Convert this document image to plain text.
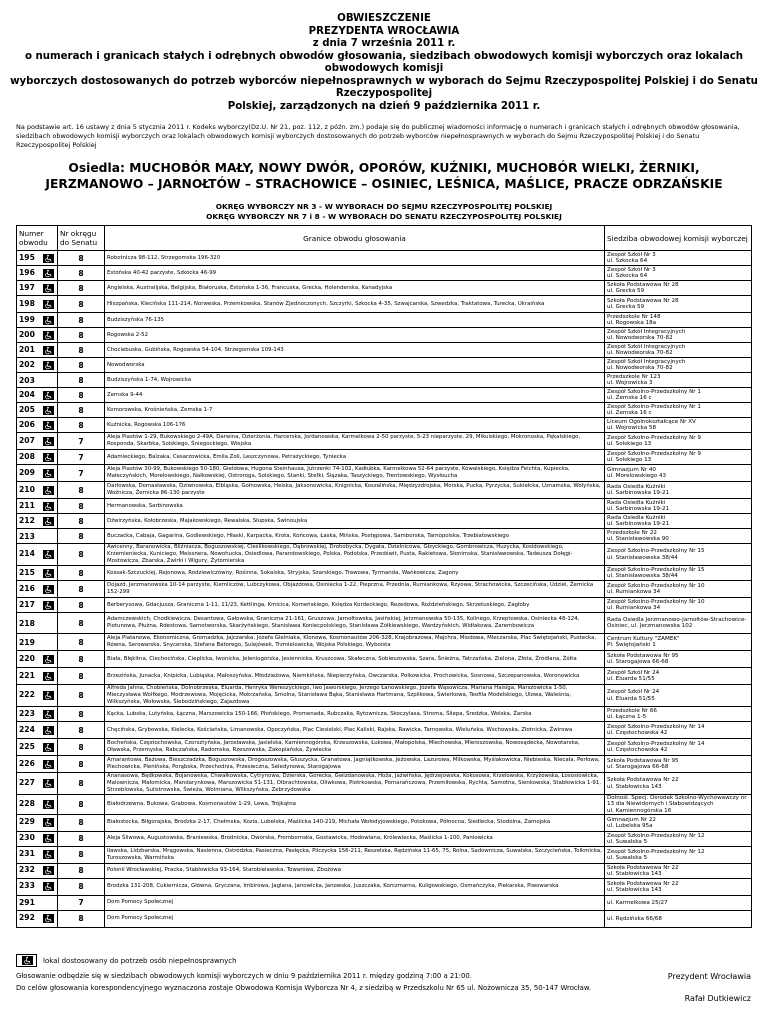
OBWIESZCZENIE
PREZYDENTA WROCŁAWIA
z dnia 7 września 2011 r.
o numerach i granicach stałych i odrębnych obwodów głosowania, siedzibach obwodowych komisji wyborczych oraz lokalach obwodowych komisji
wyborczych dostosowanych do potrzeb wyborców niepełnosprawnych w wyborach do Sejmu Rzeczypospolitej Polskiej i do Senatu Rzeczypospolitej
Polskiej, zarządzonych na dzień 9 października 2011 r.
Na podstawie art. 16 ustawy z dnia 5 stycznia 2011 r. Kodeks wyborczy(Dz.U. Nr 21, poz. 112, z późn. zm.) podaje się do publicznej wiadomości informację o numerach i granicach stałych i odrębnych obwodów głosowania, siedzibach obwodowych komisji wyborczych oraz lokalach obwodowych komisji wyborczych dostosowanych do potrzeb wyborców niepełnosprawnych w wyborach do Sejmu Rzeczypospolitej Polskiej i do Senatu Rzeczypospolitej Polskiej
Osiedla: MUCHOBÓR MAŁY, NOWY DWÓR, OPORÓW, KUŹNIKI, MUCHOBÓR WIELKI, ŻERNIKI,
JERZMANOWO – JARNOŁTÓW – STRACHOWICE – OSINIEC, LEŚNICA, MAŚLICE, PRACZE ODRZAŃSKIE
OKRĘG WYBORCZY NR 3 - W WYBORACH DO SEJMU RZECZYPOSPOLITEJ POLSKIEJ
OKRĘG WYBORCZY NR 7 i 8 - W WYBORACH DO SENATU RZECZYPOSPOLITEJ POLSKIEJ
Numer obwodu	Nr okręgu do Senatu	Granice obwodu głosowania	Siedziba obwodowej komisji wyborczej
195	8	Robotnicza 98-112, Strzegomska 196-320	Zespół Szkół Nr 3
ul. Szkocka 64

196	8	Estońska 40-42 parzyste, Szkocka 46-99	Zespół Szkół Nr 3
ul. Szkocka 64

197	8	Angielska, Australijska, Belgijska, Białoruska, Estońska 1-36, Francuska, Grecka, Holenderska, Kanadyjska	Szkoła Podstawowa Nr 28
ul. Grecka 59

198	8	Hiszpańska, Klecińska 111-214, Norweska, Przemkowska, Stanów Zjednoczonych, Szczyrki, Szkocka 4-35, Szwajcarska, Szwedzka, Traktatowa, Turecka, Ukraińska	Szkoła Podstawowa Nr 28
ul. Grecka 59

199	8	Budziszyńska 76-135	Przedszkole Nr 148
ul. Rogowska 18a

200	8	Rogowska 2-52	Zespół Szkół Integracyjnych
ul. Nowodworska 70-82

201	8	Chociebuska, Gubińska, Rogowska 54-104, Strzegomska 109-143	Zespół Szkół Integracyjnych
ul. Nowodworska 70-82

202	8	Nowodworska	Zespół Szkół Integracyjnych
ul. Nowodworska 70-82

203	8	Budziszyńska 1-74, Wojrowicka	Przedszkole Nr 123
ul. Wojrowicka 3

204	8	Zemska 9-44	Zespół Szkolno-Przedszkolny Nr 1
ul. Zemska 16 c

205	8	Komorowska, Krośnieńska, Zemska 1-7	Zespół Szkolno-Przedszkolny Nr 1
ul. Zemska 16 c

206	8	Kuźnicka, Rogowska 106-176	Liceum Ogólnokształcące Nr XV
ul. Wojrowicka 58

207	7	Aleja Piastów 1-29, Bukowskiego 2-49A, Darwina, Dzierżonia, Harcerska, Jordanowska, Karmelkowa 2-50 parzyste, 5-23 nieparzyste, 29, Mikulskiego, Mokronoska, Pękalskiego, Rosponda, Skarbka, Solskiego, Śniegockiego, Wiejska	Zespół Szkolno-Przedszkolny Nr 9
ul. Solskiego 13

208	7	Adamieckiego, Balzaka, Cesarzowicka, Emila Zoli, Leszczynowa, Petrażyckiego, Tyniecka	Zespół Szkolno-Przedszkolny Nr 9
ul. Solskiego 13

209	7	Aleja Piastów 30-99, Bukowskiego 50-180, Gieldowa, Hugona Steinhausa, Jutrzenki 74-102, Kadłubka, Karmelkowa 52-64 parzyste, Kowalskiego, Księdza Feichta, Kupiecka, Małeczyńskich, Morelowskiego, Nałkowskiej, Ostroroga, Solskiego, Stanki, Stefki, Ślązaka, Taszyckiego, Trentowskiego, Wysłoucha	Gimnazjum Nr 40
ul. Morelowskiego 43

210	8	Darłowska, Domasławska, Dziwnowska, Elbląska, Gołnowska, Helska, Jaksonowicka, Knignicka, Koszalińska, Międzyzdrojska, Morska, Pucka, Pyrzycka, Sukiełcka, Uznamska, Wolyńska, Woźnicza, Żernicka 86-130 parzyste	Rada Osiedla Kuźniki
ul. Sarbinowska 19-21

211	8	Hermanowska, Sarbinowska	Rada Osiedla Kuźniki
ul. Sarbinowska 19-21

212	8	Dźwirzyńska, Kołobrzeska, Majakowskiego, Rewalska, Słupska, Świnoujska	Rada Osiedla Kuźniki
ul. Sarbinowska 19-21

213	8	Buczacka, Cabaja, Gagarina, Godlewskiego, Hłaski, Karpacka, Krota, Końcowa, Łaska, Mińska, Postępowa, Samborska, Tarnopolska, Trzebiatowskiego	Przedszkole Nr 22
ul. Stanisławowska 90

214	8	Awicenny, Baranowicka, Bliźniacza, Boguszowskiej, Cieślikowskiego, Dąbrowskiej, Drohobycka, Dygata, Dzielnicowa, Głzyckiego, Gombrowicza, Huzycka, Kosidowskiego, Krzemieniecka, Kuniciego, Meissnera, Nowohucka, Osiedlowa, Parandowskiego, Polska, Podolska, Przedświt, Pusta, Rakietowa, Słonimska, Stanisławowska, Tadeusza Dołęgi-Mostowicza, Zbarska, Żwirki i Wigury, Żytomierska	Zespół Szkolno-Przedszkolny Nr 15
ul. Stanisławowska 38/44

215	8	Kossak-Szczuckiej, Rejonowa, Rodziewiczówny, Rośinna, Sokalska, Stryjska, Szarskiego, Trawowa, Tyrmanda, Wańkowicza, Zagony	Zespół Szkolno-Przedszkolny Nr 15
ul. Stanisławowska 38/44

216	8	Dojazd, Jerzmanowska 10-14 parzyste, Kiemliczów, Lubczykowa, Objazdowa, Osiniecka 1-22, Pieprzna, Przednia, Rumiankowa, Rzyowa, Strachowicka, Szczecińska, Udziel, Żernicka 152-299	Zespół Szkolno-Przedszkolny Nr 10
ul. Rumiankowa 34

217	8	Berberysowa, Gdacjusza, Graniczna 1-11, 11/23, Kettlinga, Kmicica, Komeńskiego, Księdza Kordeckiego, Rezedowa, Roździeńskiego, Skrzetuskiego, Zagłoby	Zespół Szkolno-Przedszkolny Nr 10
ul. Rumiankowa 34

218	8	Adamczewskich, Chodkiewicza, Desantowa, Gałowska, Graniczna 21-161, Gruszowa, Jarnołtowska, Jasińskiej, Jerzmanowska 50-135, Kolinego, Krzeptowska, Osiniecka 48-124, Piotunowa, Płużna, Rdestowa, Samotworska, Skarżyńskiego, Stanisława Koniecpolskiego, Stanisława Żółkiewskiego, Wardzyńskich, Widłakowa, Zarembowicza	Rada Osiedla Jerzmanowo-Jarnołtów-Strachowice-Osiniec, ul. Jerzmanowska 102

219	8	Aleja Platanowa, Ekonomiczna, Gromadzka, Jajczarska, Józefa Gielniaka, Klonowa, Kosmonautów 206-328, Krajobrazowa, Majchra, Miodowa, Mleczarska, Plac Świętojański, Pustecka, Równa, Serowarska, Snycerska, Stefana Batorego, Sulejówek, Trzmielowicka, Wojska Polskiego, Wyboista	Centrum Kultury "ZAMEK"
Pl. Świętojański 1

220	8	Biała, Błękitna, Ciechocińska, Cieplicka, Iwonicka, Jeleniogórska, Jesiennicka, Kruszcowa, Skałeczna, Sobieszowska, Szara, Śnieżna, Tatrzańska, Zielona, Złota, Źródlana, Żółta	Szkoła Podstawowa Nr 95
ul. Starogajowa 66-68

221	8	Brzezińska, Junacka, Knipicka, Lubiąska, Małoszyńska, Młodzieżowa, Niemkińska, Niepierzyńska, Owczarska, Polkowicka, Prochowicka, Sosnowa, Szczepanowska, Woronowicka	Zespół Szkół Nr 24
ul. Eluarda 51/55

222	8	Alfreda Jahna, Chobieńska, Dolnobrzeska, Eluarda, Henryka Wereszyckiego, Iwo Jaworskiego, Jerzego Łanowskiego, Józefa Wąsowicza, Mariana Haisiga, Marszowicka 1-50, Mieczysława Wolfkego, Modrzewowa, Mojęcicka, Mokrzańska, Smolna, Stanisława Bąka, Stanisława Hartmana, Szpilkowa, Świerkowa, Teofila Modelskiego, Ulowa, Waleśnia, Wilkszyńska, Wołowska, Ślebodzińskiego, Zajazdowa	Zespół Szkół Nr 24
ul. Eluarda 51/55

223	8	Kącka, Lubska, Lutyńska, Łączna, Marszowicka 150-166, Płońskiego, Promenada, Rubczaka, Rytownicza, Skoczylasa, Stroma, Śliepa, Średzka, Wolska, Żarska	Przedszkole Nr 66
ul. Łączna 1-5

224	8	Chęcińska, Grybowska, Kielecka, Kościańska, Limanowska, Opoczyńska, Plac Ciesielski, Plac Kaliski, Rajska, Rawicka, Tarnowska, Wieluńska, Wschowska, Złotnicka, Żwirowa	Zespół Szkolno-Przedszkolny Nr 14
ul. Częstochowska 42

225	8	Bocheńska, Częstochowska, Czorsztyńska, Jarosławska, Jasielska, Kamiennogórska, Krzeszowska, Łukowa, Małopolska, Miechowska, Mieroszowska, Nowosądecka, Nowotarska, Oławska, Przemyska, Rabczańska, Radomska, Rzeszowska, Zakopiańska, Żywiecka	Zespół Szkolno-Przedszkolny Nr 14
ul. Częstochowska 42

226	8	Amarantowa, Bażowa, Bieszczadzka, Boguszowska, Drogoszowska, Głuszycka, Granatowa, Jagniątkowska, Jeżowska, Lazurowa, Milkowska, Myślakowicka, Niebieska, Niecała, Perłowa, Piechowicka, Pienińska, Porąbska, Przechodnia, Przesieczna, Seledynowa, Starogajowa	Szkoła Podstawowa Nr 95
ul. Starogajowa 66-68

227	8	Ananasowa, Będkowska, Bojanowska, Chwałkowska, Cytrynowa, Dzierska, Górecka, Gwizdanowska, Hoża, Jaźwińska, Jędrzejowska, Kokosowa, Krzelowska, Krzyżowska, Łososiowicka, Malownicza, Małomicka, Mandarynkowa, Marszowicka 51-131, Olbrachtowska, Oliwkowa, Piotrkowska, Pomarańczowa, Przemiłowska, Rychta, Samotna, Sienkowska, Stabłowicka 1-91, Strzeblowska, Sulistrowska, Świeża, Wolmiana, Wilkszyńska, Zebrzydowska	Szkoła Podstawowa Nr 22
ul. Stabłowicka 143

228	8	Białodrzewna, Bukowa, Grabowa, Kosmonautów 1-29, Lewa, Trójkątna	Dolnośl. Specj. Ośrodek Szkolno-Wychowawczy nr 13 dla Niewidomych i Słabowidzących
ul. Kamiennogórska 16

229	8	Białostocka, Biłgorajska, Brodzka 2-17, Chełmska, Kozia, Lubelska, Maślicka 140-219, Michała Wołodyjowskiego, Potokowa, Północna, Siedlecka, Stodolna, Zamojska	Gimnazjum Nr 22
ul. Lubelska 95a

230	8	Aleja Śliwowa, Augustowska, Braniewska, Brodnicka, Dworska, Frombornska, Gostawicka, Hodowlana, Królewiecka, Maślicka 1-100, Panlowicka	Zespół Szkolno-Przedszkolny Nr 12
ul. Suwalska 5

231	8	Iławska, Lidzbarska, Mrągowska, Nasienna, Ostródzka, Pasieczna, Pasłęcka, Pilczycka 156-211, Reszelska, Rędzińska 11-65, 75, Rolna, Sadownicza, Suwalska, Szczycieńska, Tolkmicka, Turoszowska, Warmińska	Zespół Szkolno-Przedszkolny Nr 12
ul. Suwalska 5

232	8	Polonii Wrocławskiej, Pracka, Stabłowicka 93-164, Starobielawska, Towarowa, Zbożowa	Szkoła Podstawowa Nr 22
ul. Stabłowicka 143

233	8	Brodzka 131-208, Cukiernicza, Główna, Gryczana, Imbirowa, Jaglana, Janowicka, Janowska, Juszczaka, Korczmarna, Kuligowskiego, Osmańczyka, Piekarska, Piwowarska	Szkoła Podstawowa Nr 22
ul. Stabłowicka 143

291	7	Dom Pomocy Społecznej	ul. Karmelkowa 25/27

292	8	Dom Pomocy Społecznej	ul. Rędzińska 66/68
lokal dostosowany do potrzeb osób niepełnosprawnych
Głosowanie odbędzie się w siedzibach obwodowych komisji wyborczych w dniu 9 października 2011 r. między godziną 7:00 a 21:00.
Do celów głosowania korespondencyjnego wyznaczona zostaje Obwodowa Komisja Wyborcza Nr 4, z siedzibą w Przedszkolu Nr 65 ul. Nożownicza 35, 50-147 Wrocław.
Prezydent Wrocławia
Rafał Dutkiewicz
